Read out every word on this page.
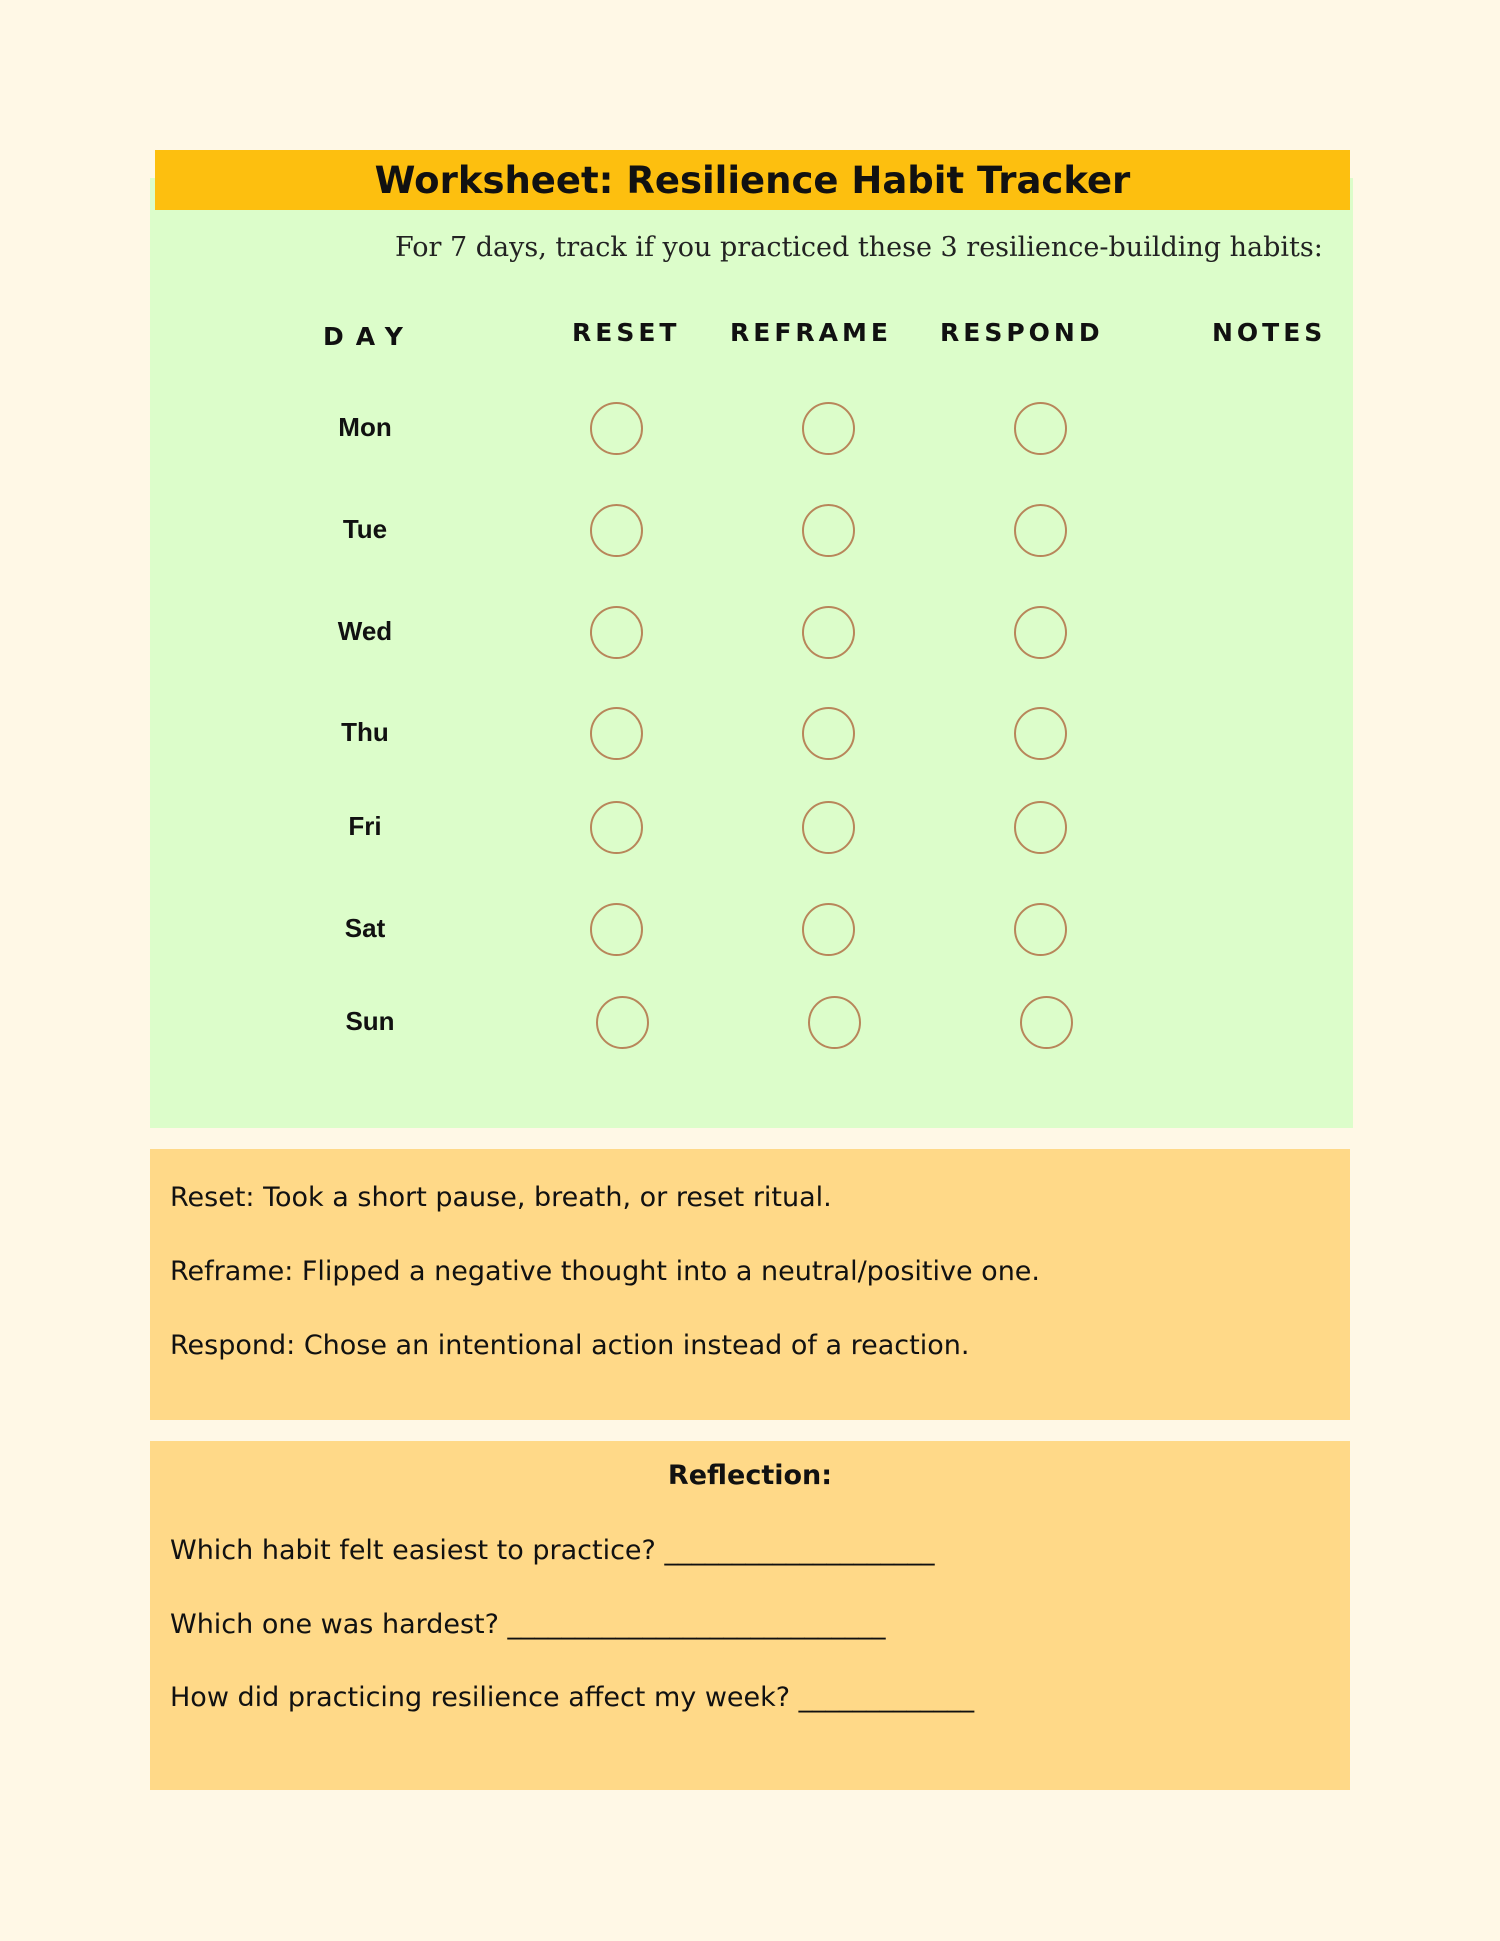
Worksheet: Resilience Habit Tracker
For 7 days, track if you practiced these 3 resilience-building habits:
DAY	RESET REFRAME RESPOND	NOTES
Mon
Tue
Wed
Thu
Fri
Sat
Sun
Reset: Took a short pause, breath, or reset ritual.
Reframe: Flipped a negative thought into a neutral/positive one.
Respond: Chose an intentional action instead of a reaction.
Reflection:
Which habit felt easiest to practice? ____________________
Which one was hardest? ____________________________
How did practicing resilience affect my week? _____________
